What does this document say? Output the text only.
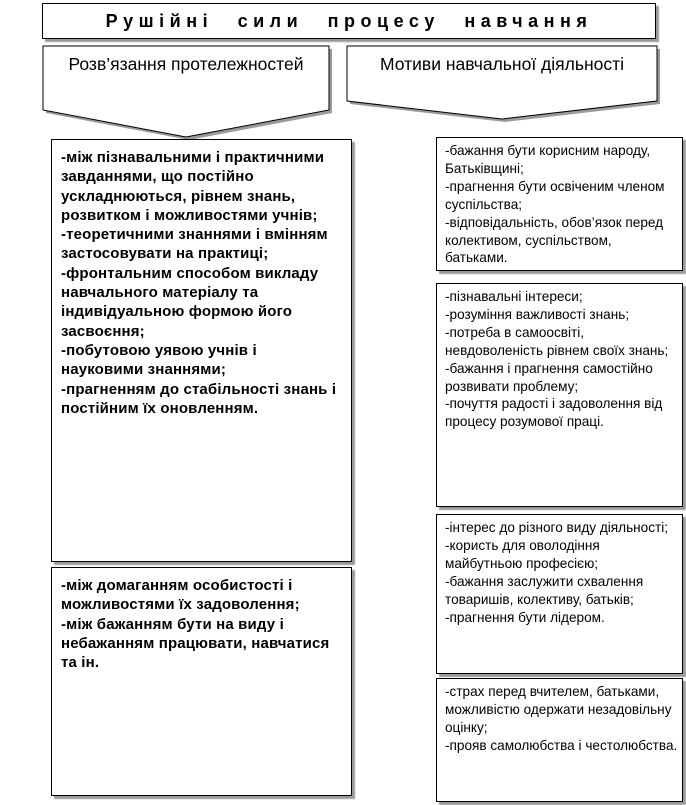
Рушійні сили процесу навчання
Розв’язання протележностей	Мотиви навчальної діяльності
-між пізнавальними і практичними завданнями, що постійно ускладнюються, рівнем знань, розвитком і можливостями учнів;
-теоретичними знаннями і вмінням застосовувати на практиці;
-фронтальним способом викладу навчального матеріалу та індивідуальною формою його засвоєння;
-побутовою уявою учнів і науковими знаннями;
-прагненням до стабільності знань і постійним їх оновленням.
-між домаганням особистості і можливостями їх задоволення;
-між бажанням бути на виду і небажанням працювати, навчатися та ін.
-бажання бути корисним народу, Батьківщині;
-прагнення бути освіченим членом суспільства;
-відповідальність, обов’язок перед колективом, суспільством, батьками.
-пізнавальні інтереси;
-розуміння важливості знань;
-потреба в самоосвіті, невдоволеність рівнем своїх знань;
-бажання і прагнення самостійно розвивати проблему;
-почуття радості і задоволення від процесу розумової праці.
-інтерес до різного виду діяльності;
-користь для оволодіння майбутньою професією;
-бажання заслужити схвалення товаришів, колективу, батьків;
-прагнення бути лідером.
-страх перед вчителем, батьками, можливістю одержати незадовільну оцінку;
-прояв самолюбства і честолюбства.
